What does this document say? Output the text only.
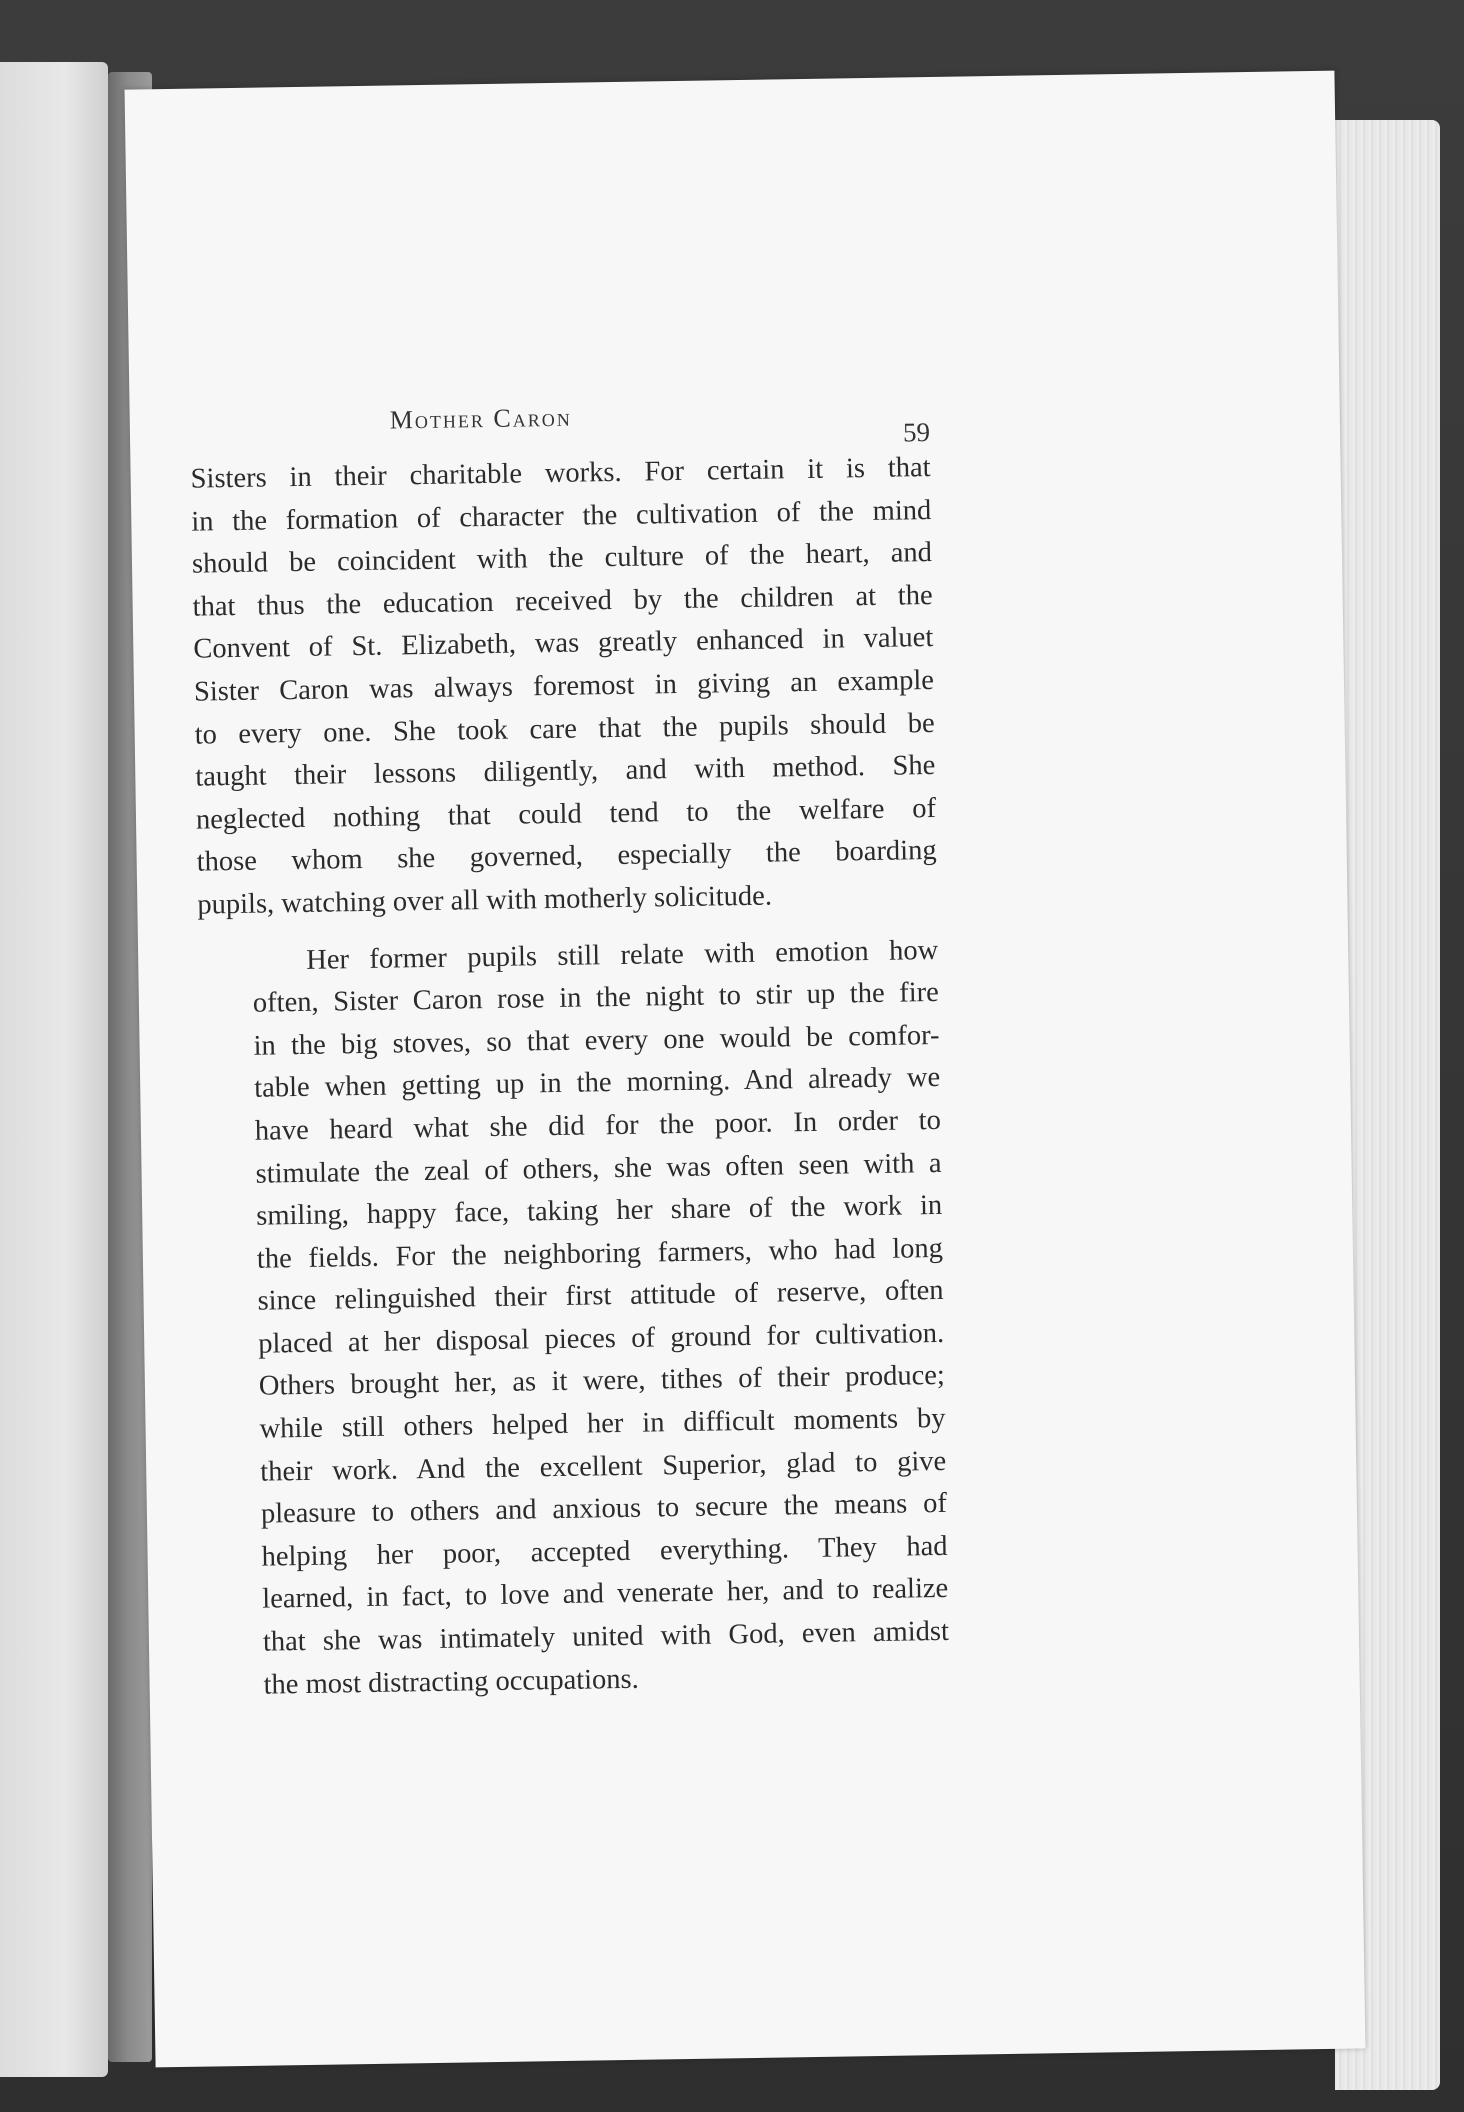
Mother Caron	59

Sisters in their charitable works. For certain it is that
in the formation of character the cultivation of the mind
should be coincident with the culture of the heart, and
that thus the education received by the children at the
Convent of St. Elizabeth, was greatly enhanced in valuet
Sister Caron was always foremost in giving an example
to every one. She took care that the pupils should be
taught their lessons diligently, and with method. She
neglected nothing that could tend to the welfare of
those whom she governed, especially the boarding
pupils, watching over all with motherly solicitude.

Her former pupils still relate with emotion how
often, Sister Caron rose in the night to stir up the fire
in the big stoves, so that every one would be comfor-
table when getting up in the morning. And already we
have heard what she did for the poor. In order to
stimulate the zeal of others, she was often seen with a
smiling, happy face, taking her share of the work in
the fields. For the neighboring farmers, who had long
since relinguished their first attitude of reserve, often
placed at her disposal pieces of ground for cultivation.
Others brought her, as it were, tithes of their produce;
while still others helped her in difficult moments by
their work. And the excellent Superior, glad to give
pleasure to others and anxious to secure the means of
helping her poor, accepted everything. They had
learned, in fact, to love and venerate her, and to realize
that she was intimately united with God, even amidst
the most distracting occupations.
